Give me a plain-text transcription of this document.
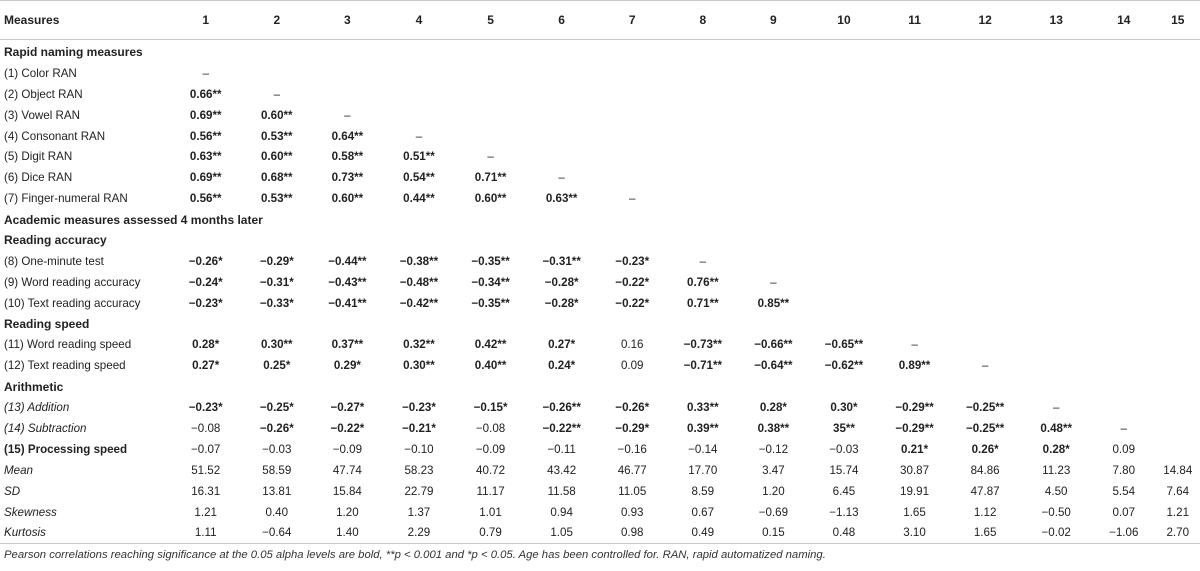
Measures	1	2	3	4	5	6	7	8	9	10	11	12	13	14	15
Rapid naming measures															
(1) Color RAN	–														
(2) Object RAN	0.66**	–													
(3) Vowel RAN	0.69**	0.60**	–												
(4) Consonant RAN	0.56**	0.53**	0.64**	–											
(5) Digit RAN	0.63**	0.60**	0.58**	0.51**	–										
(6) Dice RAN	0.69**	0.68**	0.73**	0.54**	0.71**	–									
(7) Finger-numeral RAN	0.56**	0.53**	0.60**	0.44**	0.60**	0.63**	–								
Academic measures assessed 4 months later															
Reading accuracy															
(8) One-minute test	−0.26*	−0.29*	−0.44**	−0.38**	−0.35**	−0.31**	−0.23*	–							
(9) Word reading accuracy	−0.24*	−0.31*	−0.43**	−0.48**	−0.34**	−0.28*	−0.22*	0.76**	–						
(10) Text reading accuracy	−0.23*	−0.33*	−0.41**	−0.42**	−0.35**	−0.28*	−0.22*	0.71**	0.85**						
Reading speed															
(11) Word reading speed	0.28*	0.30**	0.37**	0.32**	0.42**	0.27*	0.16	−0.73**	−0.66**	−0.65**	–				
(12) Text reading speed	0.27*	0.25*	0.29*	0.30**	0.40**	0.24*	0.09	−0.71**	−0.64**	−0.62**	0.89**	–			
Arithmetic															
(13) Addition	−0.23*	−0.25*	−0.27*	−0.23*	−0.15*	−0.26**	−0.26*	0.33**	0.28*	0.30*	−0.29**	−0.25**	–		
(14) Subtraction	−0.08	−0.26*	−0.22*	−0.21*	−0.08	−0.22**	−0.29*	0.39**	0.38**	35**	−0.29**	−0.25**	0.48**	–	
(15) Processing speed	−0.07	−0.03	−0.09	−0.10	−0.09	−0.11	−0.16	−0.14	−0.12	−0.03	0.21*	0.26*	0.28*	0.09	
Mean	51.52	58.59	47.74	58.23	40.72	43.42	46.77	17.70	3.47	15.74	30.87	84.86	11.23	7.80	14.84
SD	16.31	13.81	15.84	22.79	11.17	11.58	11.05	8.59	1.20	6.45	19.91	47.87	4.50	5.54	7.64
Skewness	1.21	0.40	1.20	1.37	1.01	0.94	0.93	0.67	−0.69	−1.13	1.65	1.12	−0.50	0.07	1.21
Kurtosis	1.11	−0.64	1.40	2.29	0.79	1.05	0.98	0.49	0.15	0.48	3.10	1.65	−0.02	−1.06	2.70
Pearson correlations reaching significance at the 0.05 alpha levels are bold, **p < 0.001 and *p < 0.05. Age has been controlled for. RAN, rapid automatized naming.
